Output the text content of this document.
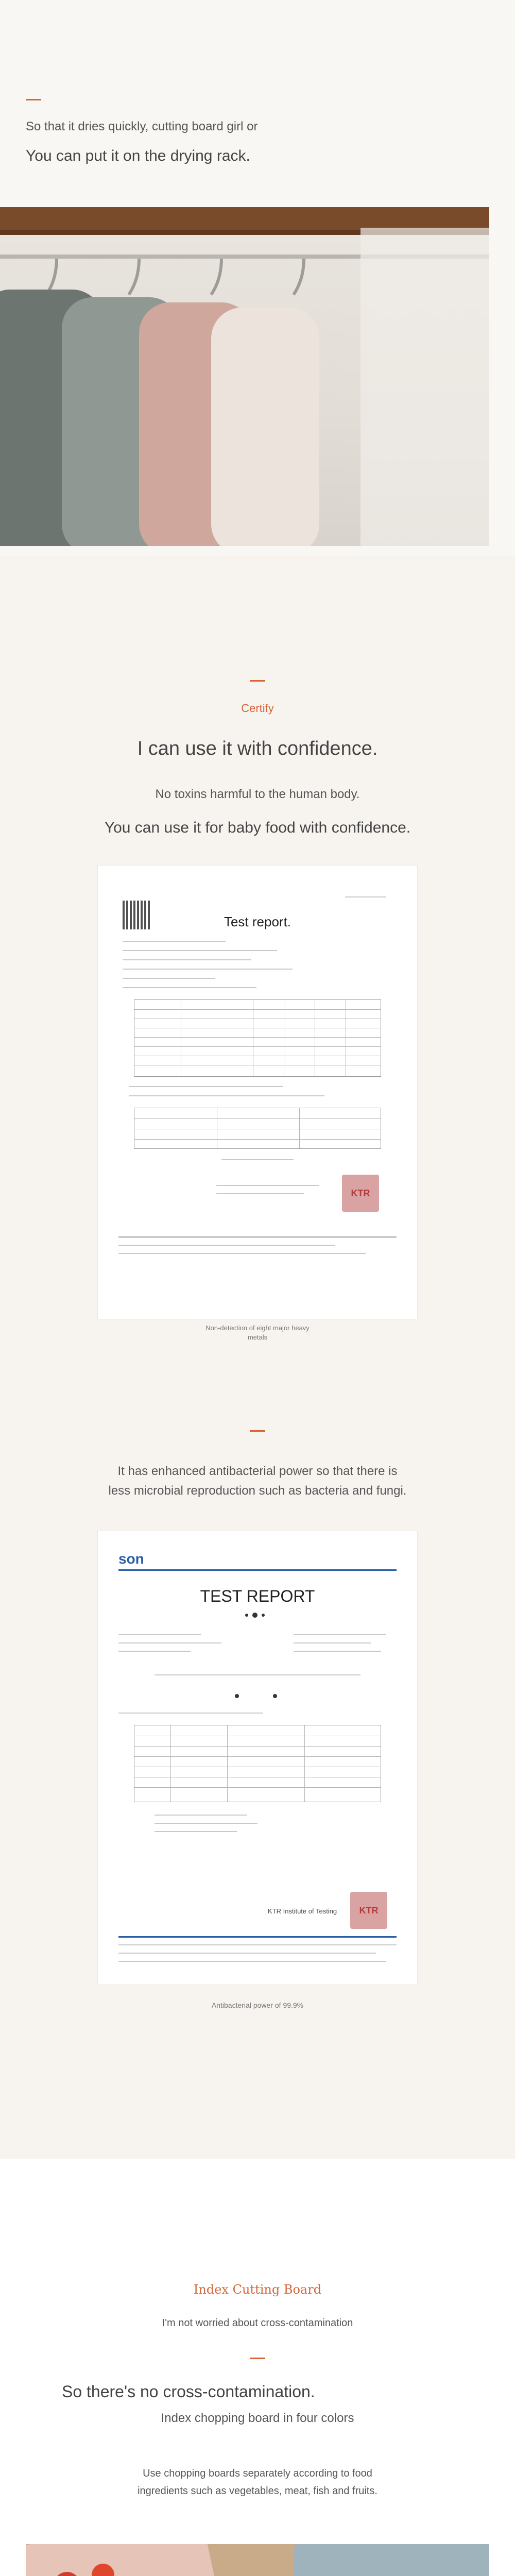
So that it dries quickly, cutting board girl or
You can put it on the drying rack.
Certify
I can use it with confidence.
No toxins harmful to the human body.
You can use it for baby food with confidence.
Test report.
KTR
Non-detection of eight major heavy
metals
It has enhanced antibacterial power so that there is
less microbial reproduction such as bacteria and fungi.
son
TEST REPORT
KTR Institute of Testing	KTR
Antibacterial power of 99.9%
Index Cutting Board
I'm not worried about cross-contamination
So there's no cross-contamination.
Index chopping board in four colors
Use chopping boards separately according to food
ingredients such as vegetables, meat, fish and fruits.
